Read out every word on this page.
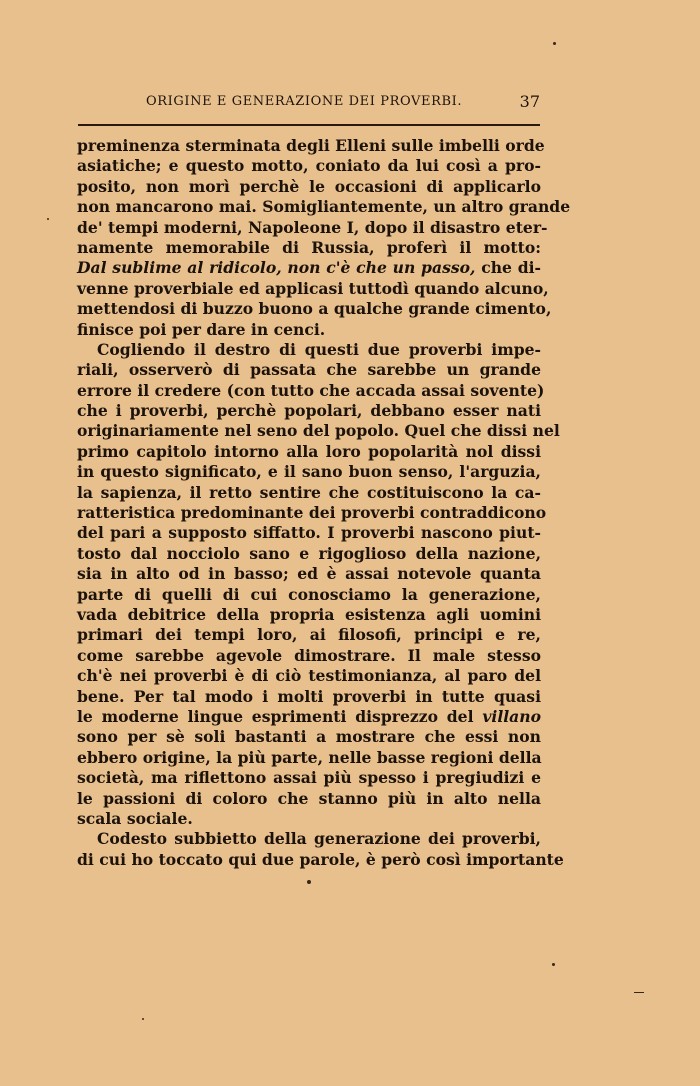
ORIGINE E GENERAZIONE DEI PROVERBI.	37
preminenza sterminata degli Elleni sulle imbelli orde
asiatiche; e questo motto, coniato da lui così a pro-
posito, non morì perchè le occasioni di applicarlo
non mancarono mai. Somigliantemente, un altro grande
de' tempi moderni, Napoleone I, dopo il disastro eter-
namente memorabile di Russia, proferì il motto:
Dal sublime al ridicolo, non c'è che un passo, che di-
venne proverbiale ed applicasi tuttodì quando alcuno,
mettendosi di buzzo buono a qualche grande cimento,
finisce poi per dare in cenci.
Cogliendo il destro di questi due proverbi impe-
riali, osserverò di passata che sarebbe un grande
errore il credere (con tutto che accada assai sovente)
che i proverbi, perchè popolari, debbano esser nati
originariamente nel seno del popolo. Quel che dissi nel
primo capitolo intorno alla loro popolarità nol dissi
in questo significato, e il sano buon senso, l'arguzia,
la sapienza, il retto sentire che costituiscono la ca-
ratteristica predominante dei proverbi contraddicono
del pari a supposto siffatto. I proverbi nascono piut-
tosto dal nocciolo sano e rigoglioso della nazione,
sia in alto od in basso; ed è assai notevole quanta
parte di quelli di cui conosciamo la generazione,
vada debitrice della propria esistenza agli uomini
primari dei tempi loro, ai filosofi, principi e re,
come sarebbe agevole dimostrare. Il male stesso
ch'è nei proverbi è di ciò testimonianza, al paro del
bene. Per tal modo i molti proverbi in tutte quasi
le moderne lingue esprimenti disprezzo del villano
sono per sè soli bastanti a mostrare che essi non
ebbero origine, la più parte, nelle basse regioni della
società, ma riflettono assai più spesso i pregiudizi e
le passioni di coloro che stanno più in alto nella
scala sociale.
Codesto subbietto della generazione dei proverbi,
di cui ho toccato qui due parole, è però così importante
